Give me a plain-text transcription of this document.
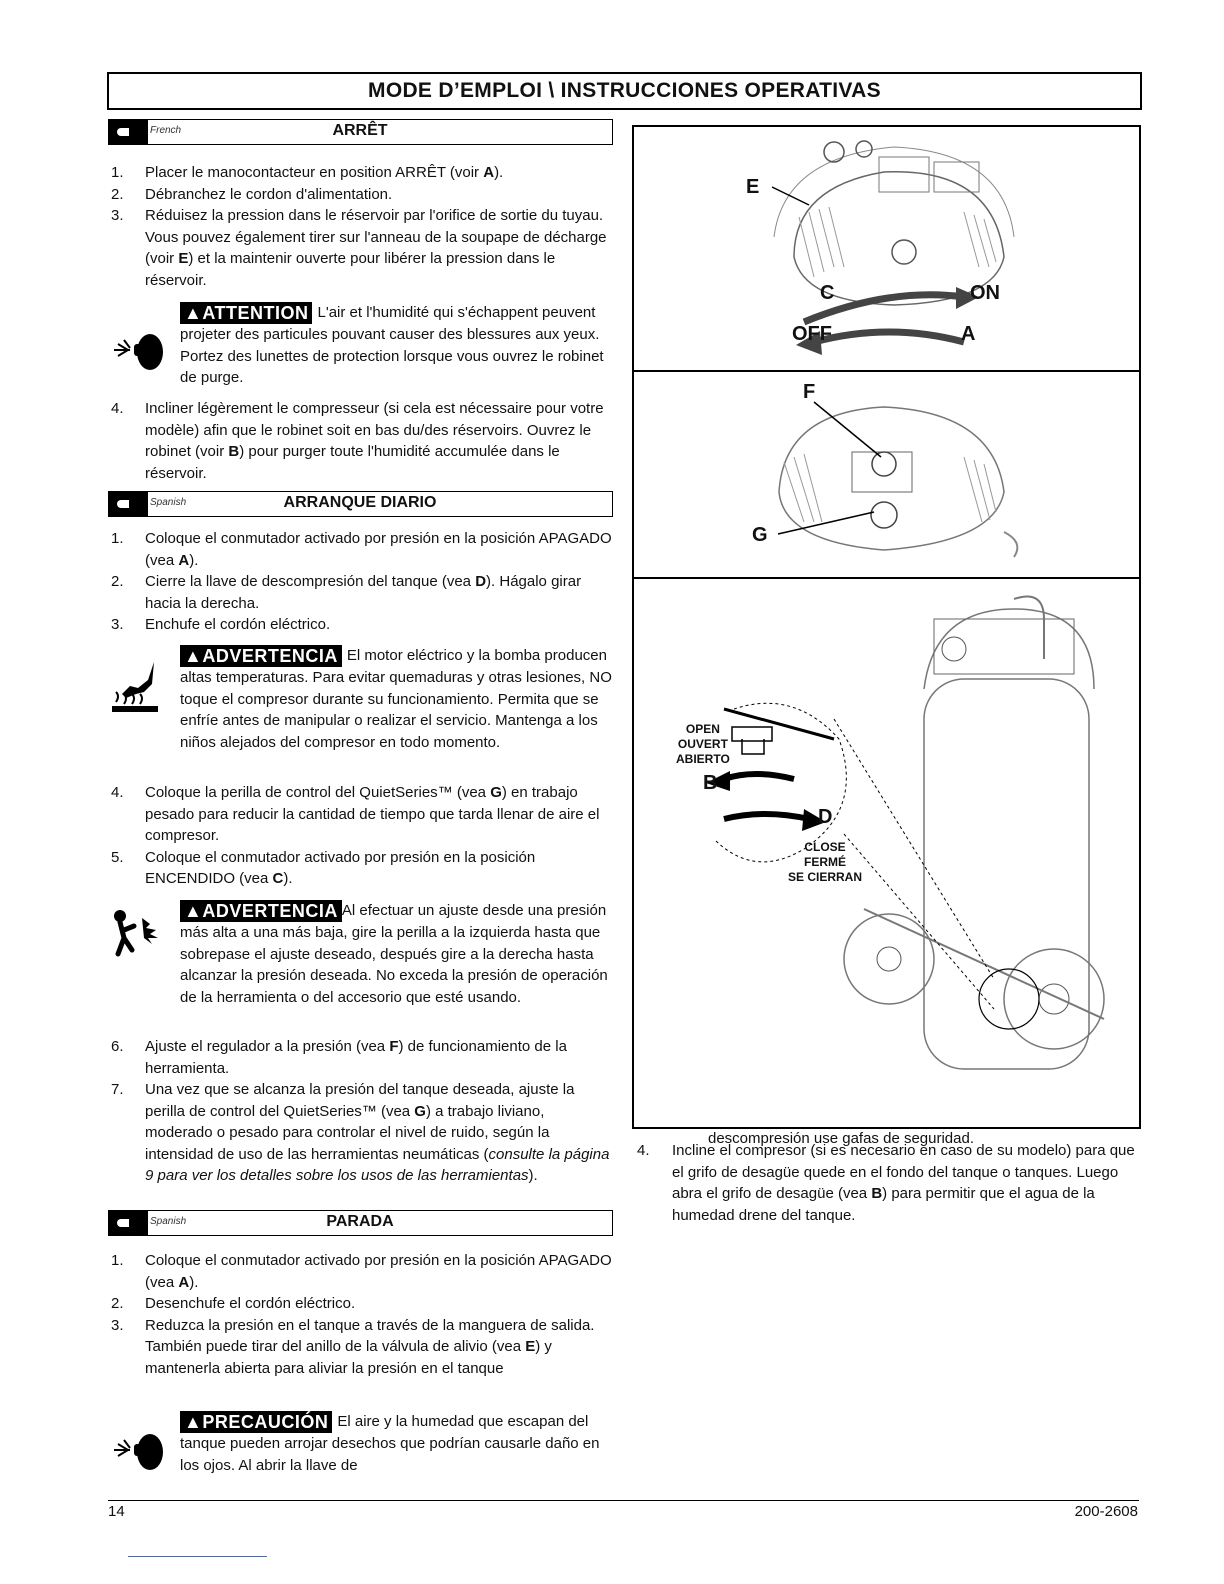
MODE D’EMPLOI \ INSTRUCCIONES OPERATIVAS
French	ARRÊT
1. Placer le manocontacteur en position ARRÊT (voir A).
2. Débranchez le cordon d'alimentation.
3. Réduisez la pression dans le réservoir par l'orifice de sortie du tuyau. Vous pouvez également tirer sur l'anneau de la soupape de décharge (voir E) et la maintenir ouverte pour libérer la pression dans le réservoir.
▲ATTENTION L'air et l'humidité qui s'échappent peuvent projeter des particules pouvant causer des blessures aux yeux. Portez des lunettes de protection lorsque vous ouvrez le robinet de purge.
4. Incliner légèrement le compresseur (si cela est nécessaire pour votre modèle) afin que le robinet soit en bas du/des réservoirs. Ouvrez le robinet (voir B) pour purger toute l'humidité accumulée dans le réservoir.
Spanish	ARRANQUE DIARIO
1. Coloque el conmutador activado por presión en la posición APAGADO (vea A).
2. Cierre la llave de descompresión del tanque (vea D). Hágalo girar hacia la derecha.
3. Enchufe el cordón eléctrico.
▲ADVERTENCIA El motor eléctrico y la bomba producen altas temperaturas. Para evitar quemaduras y otras lesiones, NO toque el compresor durante su funcionamiento. Permita que se enfríe antes de manipular o realizar el servicio. Mantenga a los niños alejados del compresor en todo momento.
4. Coloque la perilla de control del QuietSeries™ (vea G) en trabajo pesado para reducir la cantidad de tiempo que tarda llenar de aire el compresor.
5. Coloque el conmutador activado por presión en la posición ENCENDIDO (vea C).
▲ADVERTENCIA Al efectuar un ajuste desde una presión más alta a una más baja, gire la perilla a la izquierda hasta que sobrepase el ajuste deseado, después gire a la derecha hasta alcanzar la presión deseada. No exceda la presión de operación de la herramienta o del accesorio que esté usando.
6. Ajuste el regulador a la presión (vea F) de funcionamiento de la herramienta.
7. Una vez que se alcanza la presión del tanque deseada, ajuste la perilla de control del QuietSeries™ (vea G) a trabajo liviano, moderado o pesado para controlar el nivel de ruido, según la intensidad de uso de las herramientas neumáticas (consulte la página 9 para ver los detalles sobre los usos de las herramientas).
Spanish	PARADA
1. Coloque el conmutador activado por presión en la posición APAGADO (vea A).
2. Desenchufe el cordón eléctrico.
3. Reduzca la presión en el tanque a través de la manguera de salida. También puede tirar del anillo de la válvula de alivio (vea E) y mantenerla abierta para aliviar la presión en el tanque
▲PRECAUCIÓN El aire y la humedad que escapan del tanque pueden arrojar desechos que podrían causarle daño en los ojos. Al abrir la llave de
E
C	ON
OFF	A
F
G
OPEN
OUVERT
ABIERTO
B
D
CLOSE
FERMÉ
SE CIERRAN
descompresión use gafas de seguridad.
4. Incline el compresor (si es necesario en caso de su modelo) para que el grifo de desagüe quede en el fondo del tanque o tanques. Luego abra el grifo de desagüe (vea B) para permitir que el agua de la humedad drene del tanque.
14	200-2608
